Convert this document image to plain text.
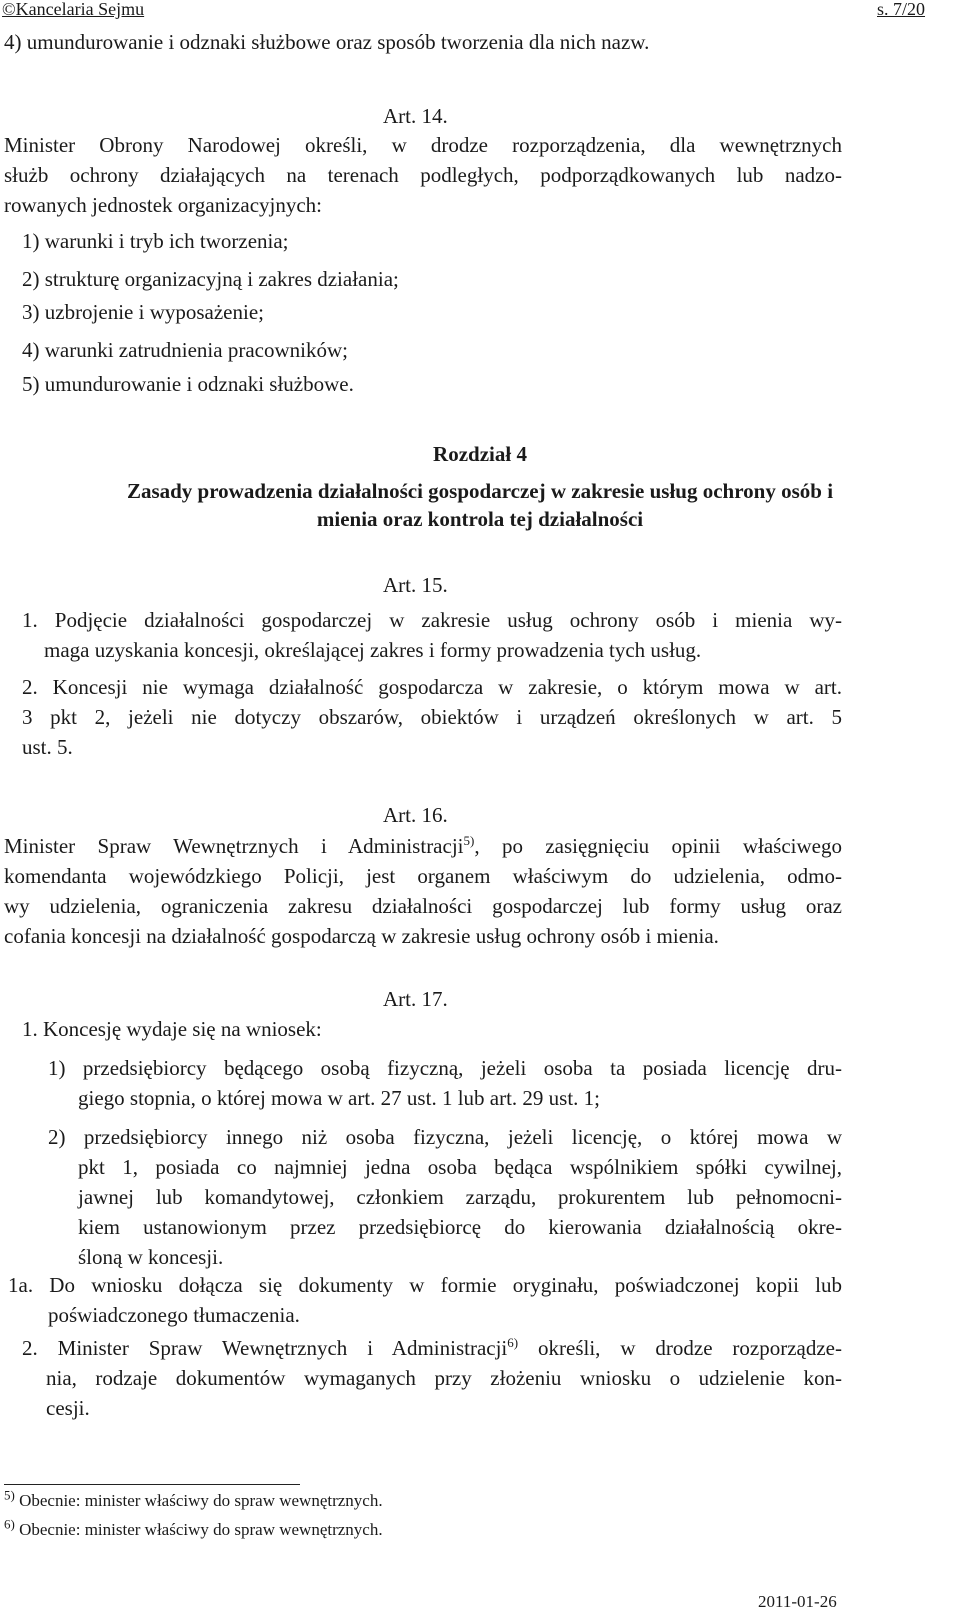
©Kancelaria Sejmu	s. 7/20
4) umundurowanie i odznaki służbowe oraz sposób tworzenia dla nich nazw.
Art. 14.
Minister Obrony Narodowej określi, w drodze rozporządzenia, dla wewnętrznych
służb ochrony działających na terenach podległych, podporządkowanych lub nadzo-
rowanych jednostek organizacyjnych:
1) warunki i tryb ich tworzenia;
2) strukturę organizacyjną i zakres działania;
3) uzbrojenie i wyposażenie;
4) warunki zatrudnienia pracowników;
5) umundurowanie i odznaki służbowe.
Rozdział 4
Zasady prowadzenia działalności gospodarczej w zakresie usług ochrony osób i
mienia oraz kontrola tej działalności
Art. 15.
1. Podjęcie działalności gospodarczej w zakresie usług ochrony osób i mienia wy-
maga uzyskania koncesji, określającej zakres i formy prowadzenia tych usług.
2. Koncesji nie wymaga działalność gospodarcza w zakresie, o którym mowa w art.
3 pkt 2, jeżeli nie dotyczy obszarów, obiektów i urządzeń określonych w art. 5
ust. 5.
Art. 16.
Minister Spraw Wewnętrznych i Administracji$^{5)}$, po zasięgnięciu opinii właściwego
komendanta wojewódzkiego Policji, jest organem właściwym do udzielenia, odmo-
wy udzielenia, ograniczenia zakresu działalności gospodarczej lub formy usług oraz
cofania koncesji na działalność gospodarczą w zakresie usług ochrony osób i mienia.
Art. 17.
1. Koncesję wydaje się na wniosek:
1) przedsiębiorcy będącego osobą fizyczną, jeżeli osoba ta posiada licencję dru-
giego stopnia, o której mowa w art. 27 ust. 1 lub art. 29 ust. 1;
2) przedsiębiorcy innego niż osoba fizyczna, jeżeli licencję, o której mowa w
pkt 1, posiada co najmniej jedna osoba będąca wspólnikiem spółki cywilnej,
jawnej lub komandytowej, członkiem zarządu, prokurentem lub pełnomocni-
kiem ustanowionym przez przedsiębiorcę do kierowania działalnością okre-
śloną w koncesji.
1a. Do wniosku dołącza się dokumenty w formie oryginału, poświadczonej kopii lub
poświadczonego tłumaczenia.
2. Minister Spraw Wewnętrznych i Administracji$^{6)}$ określi, w drodze rozporządze-
nia, rodzaje dokumentów wymaganych przy złożeniu wniosku o udzielenie kon-
cesji.
$^{5)}$ Obecnie: minister właściwy do spraw wewnętrznych.
$^{6)}$ Obecnie: minister właściwy do spraw wewnętrznych.
2011-01-26
